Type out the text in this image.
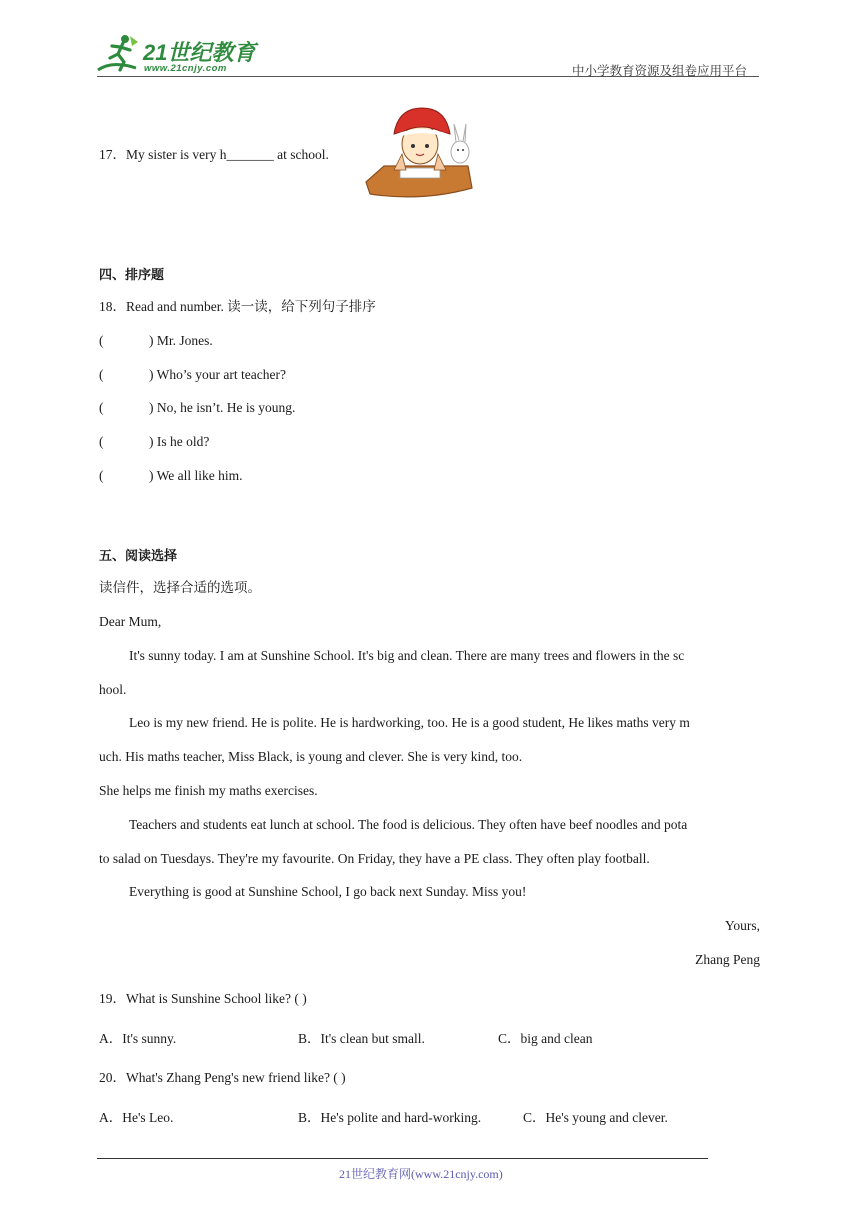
21世纪教育
www.21cnjy.com	中小学教育资源及组卷应用平台
17．My sister is very h_______ at school.
四、排序题
18．Read and number. 读一读，给下列句子排序
(	) Mr. Jones.
(	) Who’s your art teacher?
(	) No, he isn’t. He is young.
(	) Is he old?
(	) We all like him.
五、阅读选择
读信件，选择合适的选项。
Dear Mum,
It's sunny today. I am at Sunshine School. It's big and clean. There are many trees and flowers in the sc
hool.
Leo is my new friend. He is polite. He is hardworking, too. He is a good student, He likes maths very m
uch. His maths teacher, Miss Black, is young and clever. She is very kind, too.
She helps me finish my maths exercises.
Teachers and students eat lunch at school. The food is delicious. They often have beef noodles and pota
to salad on Tuesdays. They're my favourite. On Friday, they have a PE class. They often play football.
Everything is good at Sunshine School, I go back next Sunday. Miss you!
Yours,
Zhang Peng
19．What is Sunshine School like? ( )
A．It's sunny.	B．It's clean but small.	C．big and clean
20．What's Zhang Peng's new friend like? ( )
A．He's Leo.	B．He's polite and hard-working.	C．He's young and clever.
21世纪教育网(www.21cnjy.com)
